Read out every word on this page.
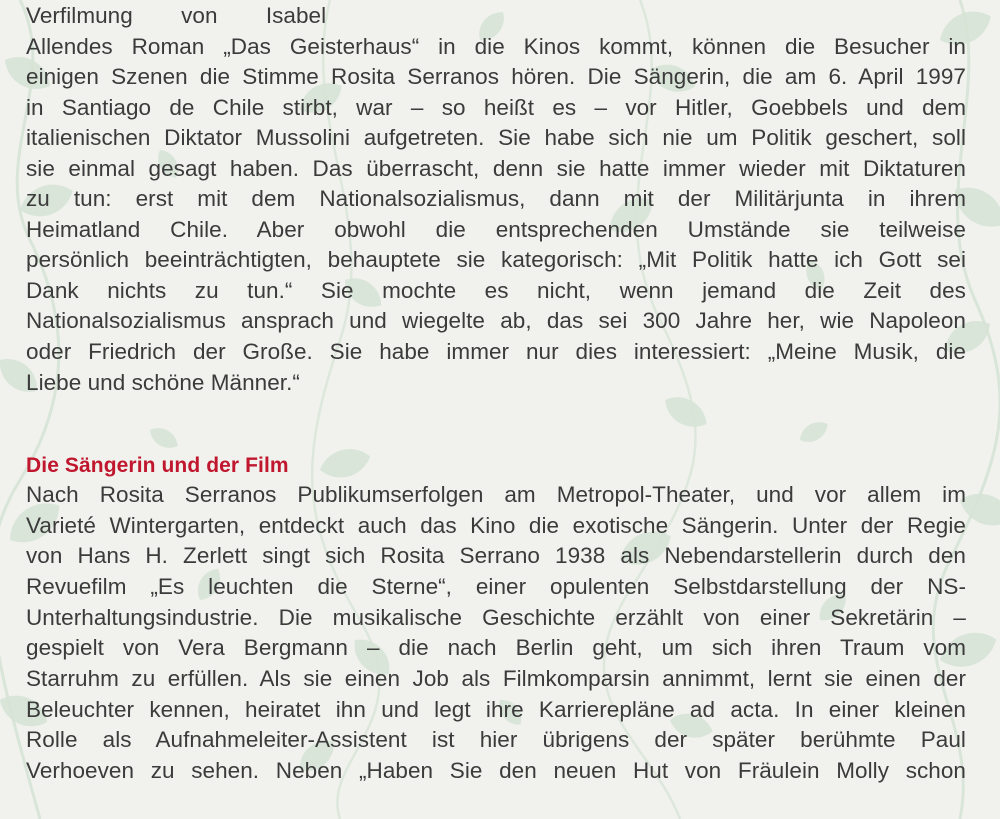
Verfilmung von Isabel
Allendes Roman „Das Geisterhaus“ in die Kinos kommt, können die Besucher in
einigen Szenen die Stimme Rosita Serranos hören. Die Sängerin, die am 6. April 1997
in Santiago de Chile stirbt, war – so heißt es – vor Hitler, Goebbels und dem
italienischen Diktator Mussolini aufgetreten. Sie habe sich nie um Politik geschert, soll
sie einmal gesagt haben. Das überrascht, denn sie hatte immer wieder mit Diktaturen
zu tun: erst mit dem Nationalsozialismus, dann mit der Militärjunta in ihrem
Heimatland Chile. Aber obwohl die entsprechenden Umstände sie teilweise
persönlich beeinträchtigten, behauptete sie kategorisch: „Mit Politik hatte ich Gott sei
Dank nichts zu tun.“ Sie mochte es nicht, wenn jemand die Zeit des
Nationalsozialismus ansprach und wiegelte ab, das sei 300 Jahre her, wie Napoleon
oder Friedrich der Große. Sie habe immer nur dies interessiert: „Meine Musik, die
Liebe und schöne Männer.“
Die Sängerin und der Film
Nach Rosita Serranos Publikumserfolgen am Metropol-Theater, und vor allem im
Varieté Wintergarten, entdeckt auch das Kino die exotische Sängerin. Unter der Regie
von Hans H. Zerlett singt sich Rosita Serrano 1938 als Nebendarstellerin durch den
Revuefilm „Es leuchten die Sterne“, einer opulenten Selbstdarstellung der NS-
Unterhaltungsindustrie. Die musikalische Geschichte erzählt von einer Sekretärin –
gespielt von Vera Bergmann – die nach Berlin geht, um sich ihren Traum vom
Starruhm zu erfüllen. Als sie einen Job als Filmkomparsin annimmt, lernt sie einen der
Beleuchter kennen, heiratet ihn und legt ihre Karrierepläne ad acta. In einer kleinen
Rolle als Aufnahmeleiter-Assistent ist hier übrigens der später berühmte Paul
Verhoeven zu sehen. Neben „Haben Sie den neuen Hut von Fräulein Molly schon
